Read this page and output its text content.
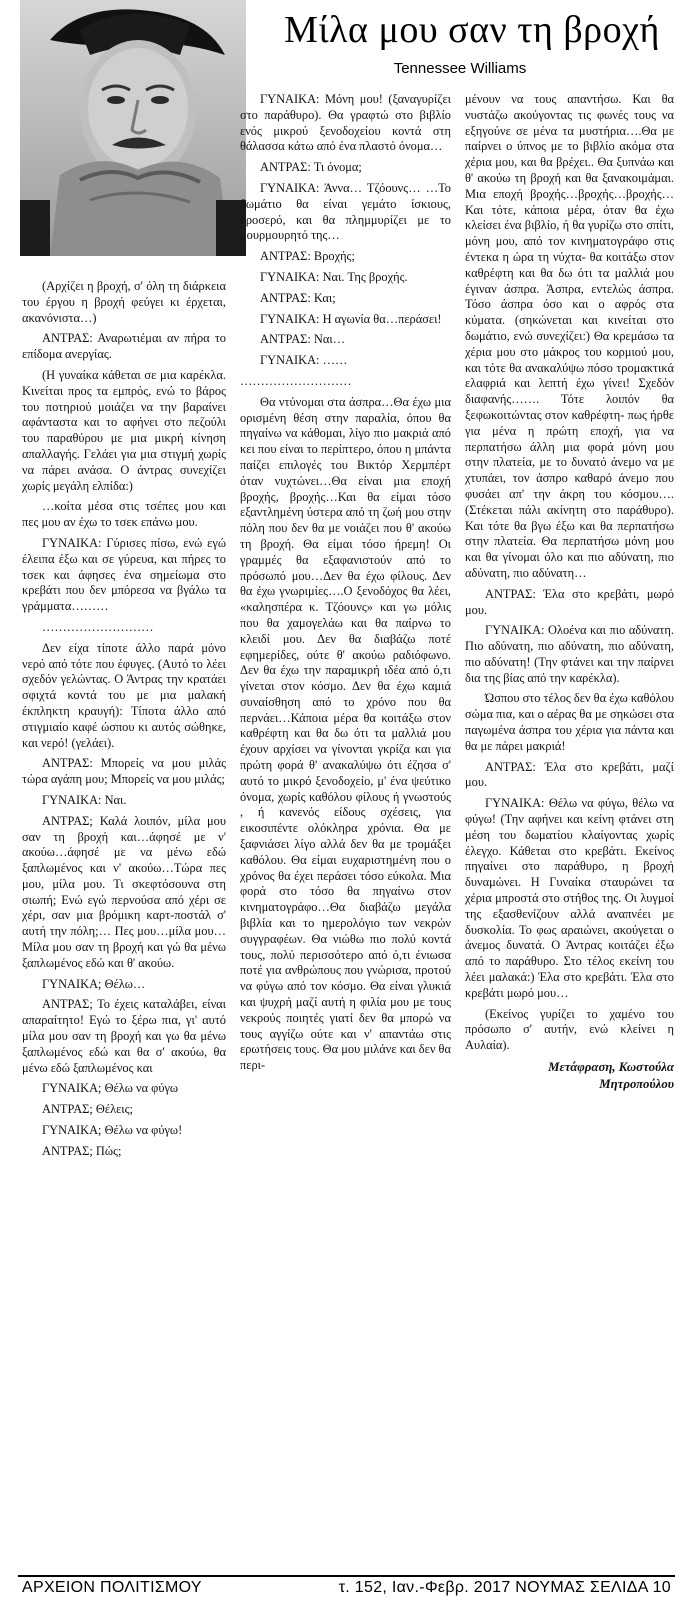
Μίλα μου σαν τη βροχή
Tennessee Williams

(Αρχίζει η βροχή, σ' όλη τη διάρκεια του έργου η βροχή φεύγει κι έρχεται, ακανόνιστα…)

ΑΝΤΡΑΣ: Αναρωτιέμαι αν πήρα το επίδομα ανεργίας.

(Η γυναίκα κάθεται σε μια καρέκλα. Κινείται προς τα εμπρός, ενώ το βάρος του ποτηριού μοιάζει να την βαραίνει αφάνταστα και το αφήνει στο πεζούλι του παραθύρου με μια μικρή κίνηση απαλλαγής. Γελάει για μια στιγμή χωρίς να πάρει ανάσα. Ο άντρας συνεχίζει χωρίς μεγάλη ελπίδα:)

…κοίτα μέσα στις τσέπες μου και πες μου αν έχω το τσεκ επάνω μου.

ΓΥΝΑΙΚΑ: Γύρισες πίσω, ενώ εγώ έλειπα έξω και σε γύρευα, και πήρες το τσεκ και άφησες ένα σημείωμα στο κρεβάτι που δεν μπόρεσα να βγάλω τα γράμματα………

………………………

Δεν είχα τίποτε άλλο παρά μόνο νερό από τότε που έφυγες. (Αυτό το λέει σχεδόν γελώντας. Ο Άντρας την κρατάει σφιχτά κοντά του με μια μαλακή έκπληκτη κραυγή): Τίποτα άλλο από στιγμιαίο καφέ ώσπου κι αυτός σώθηκε, και νερό! (γελάει).

ΑΝΤΡΑΣ: Μπορείς να μου μιλάς τώρα αγάπη μου; Μπορείς να μου μιλάς;

ΓΥΝΑΙΚΑ: Ναι.

ΑΝΤΡΑΣ; Καλά λοιπόν, μίλα μου σαν τη βροχή και…άφησέ με ν' ακούω…άφησέ με να μένω εδώ ξαπλωμένος και ν' ακούω…Τώρα πες μου, μίλα μου. Τι σκεφτόσουνα στη σιωπή; Ενώ εγώ περνούσα από χέρι σε χέρι, σαν μια βρόμικη καρτ-ποστάλ σ' αυτή την πόλη;… Πες μου…μίλα μου…Μίλα μου σαν τη βροχή και γώ θα μένω ξαπλωμένος εδώ και θ' ακούω.

ΓΥΝΑΙΚΑ; Θέλω…

ΑΝΤΡΑΣ; Το έχεις καταλάβει, είναι απαραίτητο! Εγώ το ξέρω πια, γι' αυτό μίλα μου σαν τη βροχή και γω θα μένω ξαπλωμένος εδώ και θα σ' ακούω, θα μένω εδώ ξαπλωμένος και

ΓΥΝΑΙΚΑ; Θέλω να φύγω

ΑΝΤΡΑΣ; Θέλεις;

ΓΥΝΑΙΚΑ; Θέλω να φύγω!

ΑΝΤΡΑΣ; Πώς;

ΓΥΝΑΙΚΑ: Μόνη μου! (ξαναγυρίζει στο παράθυρο). Θα γραφτώ στο βιβλίο ενός μικρού ξενοδοχείου κοντά στη θάλασσα κάτω από ένα πλαστό όνομα…

ΑΝΤΡΑΣ: Τι όνομα;

ΓΥΝΑΙΚΑ: Άννα… Τζόουνς… …Το δωμάτιο θα είναι γεμάτο ίσκιους, δροσερό, και θα πλημμυρίζει με το μουρμουρητό της…

ΑΝΤΡΑΣ: Βροχής;

ΓΥΝΑΙΚΑ: Ναι. Της βροχής.

ΑΝΤΡΑΣ: Και;

ΓΥΝΑΙΚΑ: Η αγωνία θα…περάσει!

ΑΝΤΡΑΣ: Ναι…

ΓΥΝΑΙΚΑ: ……

………………………

Θα ντύνομαι στα άσπρα…Θα έχω μια ορισμένη θέση στην παραλία, όπου θα πηγαίνω να κάθομαι, λίγο πιο μακριά από κει που είναι το περίπτερο, όπου η μπάντα παίζει επιλογές του Βικτόρ Χερμπέρτ όταν νυχτώνει…Θα είναι μια εποχή βροχής, βροχής…Και θα είμαι τόσο εξαντλημένη ύστερα από τη ζωή μου στην πόλη που δεν θα με νοιάζει που θ' ακούω τη βροχή. Θα είμαι τόσο ήρεμη! Οι γραμμές θα εξαφανιστούν από το πρόσωπό μου…Δεν θα έχω φίλους. Δεν θα έχω γνωριμίες….Ο ξενοδόχος θα λέει, «καλησπέρα κ. Τζόουνς» και γω μόλις που θα χαμογελάω και θα παίρνω το κλειδί μου. Δεν θα διαβάζω ποτέ εφημερίδες, ούτε θ' ακούω ραδιόφωνο. Δεν θα έχω την παραμικρή ιδέα από ό,τι γίνεται στον κόσμο. Δεν θα έχω καμιά συναίσθηση από το χρόνο που θα περνάει…Κάποια μέρα θα κοιτάξω στον καθρέφτη και θα δω ότι τα μαλλιά μου έχουν αρχίσει να γίνονται γκρίζα και για πρώτη φορά θ' ανακαλύψω ότι έζησα σ' αυτό το μικρό ξενοδοχείο, μ' ένα ψεύτικο όνομα, χωρίς καθόλου φίλους ή γνωστούς , ή κανενός είδους σχέσεις, για εικοσιπέντε ολόκληρα χρόνια. Θα με ξαφνιάσει λίγο αλλά δεν θα με τρομάξει καθόλου. Θα είμαι ευχαριστημένη που ο χρόνος θα έχει περάσει τόσο εύκολα. Μια φορά στο τόσο θα πηγαίνω στον κινηματογράφο…Θα διαβάζω μεγάλα βιβλία και το ημερολόγιο των νεκρών συγγραφέων. Θα νιώθω πιο πολύ κοντά τους, πολύ περισσότερο από ό,τι ένιωσα ποτέ για ανθρώπους που γνώρισα, προτού να φύγω από τον κόσμο. Θα είναι γλυκιά και ψυχρή μαζί αυτή η φιλία μου με τους νεκρούς ποιητές γιατί δεν θα μπορώ να τους αγγίζω ούτε και ν' απαντάω στις ερωτήσεις τους. Θα μου μιλάνε και δεν θα περι-

μένουν να τους απαντήσω. Και θα νυστάζω ακούγοντας τις φωνές τους να εξηγούνε σε μένα τα μυστήρια….Θα με παίρνει ο ύπνος με το βιβλίο ακόμα στα χέρια μου, και θα βρέχει.. Θα ξυπνάω και θ' ακούω τη βροχή και θα ξανακοιμάμαι. Μια εποχή βροχής…βροχής…βροχής… Και τότε, κάποια μέρα, όταν θα έχω κλείσει ένα βιβλίο, ή θα γυρίζω στο σπίτι, μόνη μου, από τον κινηματογράφο στις έντεκα η ώρα τη νύχτα- θα κοιτάξω στον καθρέφτη και θα δω ότι τα μαλλιά μου έγιναν άσπρα. Άσπρα, εντελώς άσπρα. Τόσο άσπρα όσο και ο αφρός στα κύματα. (σηκώνεται και κινείται στο δωμάτιο, ενώ συνεχίζει:) Θα κρεμάσω τα χέρια μου στο μάκρος του κορμιού μου, και τότε θα ανακαλύψω πόσο τρομακτικά ελαφριά και λεπτή έχω γίνει! Σχεδόν διαφανής……. Τότε λοιπόν θα ξεφωκοιτώντας στον καθρέφτη- πως ήρθε για μένα η πρώτη εποχή, για να περπατήσω άλλη μια φορά μόνη μου στην πλατεία, με το δυνατό άνεμο να με χτυπάει, τον άσπρο καθαρό άνεμο που φυσάει απ' την άκρη του κόσμου….(Στέκεται πάλι ακίνητη στο παράθυρο). Και τότε θα βγω έξω και θα περπατήσω στην πλατεία. Θα περπατήσω μόνη μου και θα γίνομαι όλο και πιο αδύνατη, πιο αδύνατη, πιο αδύνατη…

ΑΝΤΡΑΣ: Έλα στο κρεβάτι, μωρό μου.

ΓΥΝΑΙΚΑ: Ολοένα και πιο αδύνατη. Πιο αδύνατη, πιο αδύνατη, πιο αδύνατη, πιο αδύνατη! (Την φτάνει και την παίρνει δια της βίας από την καρέκλα).

Ώσπου στο τέλος δεν θα έχω καθόλου σώμα πια, και ο αέρας θα με σηκώσει στα παγωμένα άσπρα του χέρια για πάντα και θα με πάρει μακριά!

ΑΝΤΡΑΣ: Έλα στο κρεβάτι, μαζί μου.

ΓΥΝΑΙΚΑ: Θέλω να φύγω, θέλω να φύγω! (Την αφήνει και κείνη φτάνει στη μέση του δωματίου κλαίγοντας χωρίς έλεγχο. Κάθεται στο κρεβάτι. Εκείνος πηγαίνει στο παράθυρο, η βροχή δυναμώνει. Η Γυναίκα σταυρώνει τα χέρια μπροστά στο στήθος της. Οι λυγμοί της εξασθενίζουν αλλά αναπνέει με δυσκολία. Το φως αραιώνει, ακούγεται ο άνεμος δυνατά. Ο Άντρας κοιτάζει έξω από το παράθυρο. Στο τέλος εκείνη του λέει μαλακά:) Έλα στο κρεβάτι. Έλα στο κρεβάτι μωρό μου…

(Εκείνος γυρίζει το χαμένο του πρόσωπο σ' αυτήν, ενώ κλείνει η Αυλαία).

Μετάφραση, Κωστούλα
Μητροπούλου
ΑΡΧΕΙΟΝ ΠΟΛΙΤΙΣΜΟΥ	τ. 152, Ιαν.-Φεβρ. 2017 ΝΟΥΜΑΣ ΣΕΛΙΔΑ 10
